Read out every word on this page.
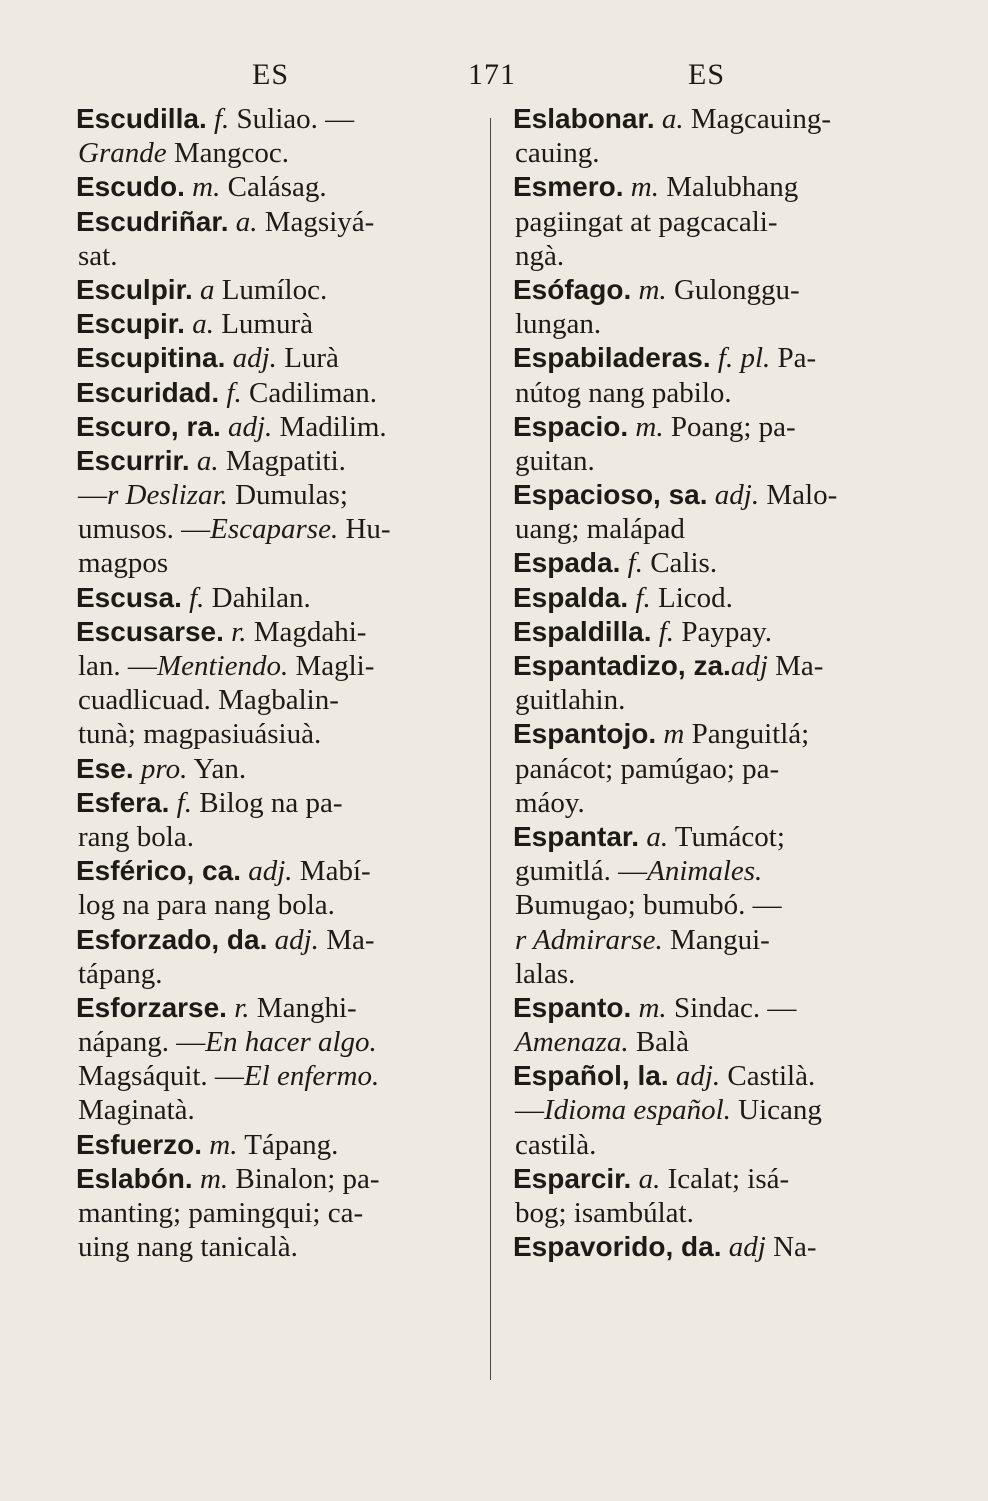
ES	171	ES
Escudilla. f. Suliao. —
Grande Mangcoc.
Escudo. m. Calásag.
Escudriñar. a. Magsiyá-
sat.
Esculpir. a Lumíloc.
Escupir. a. Lumurà
Escupitina. adj. Lurà
Escuridad. f. Cadiliman.
Escuro, ra. adj. Madilim.
Escurrir. a. Magpatiti.
—r Deslizar. Dumulas;
umusos. —Escaparse. Hu-
magpos
Escusa. f. Dahilan.
Escusarse. r. Magdahi-
lan. —Mentiendo. Magli-
cuadlicuad. Magbalin-
tunà; magpasiuásiuà.
Ese. pro. Yan.
Esfera. f. Bilog na pa-
rang bola.
Esférico, ca. adj. Mabí-
log na para nang bola.
Esforzado, da. adj. Ma-
tápang.
Esforzarse. r. Manghi-
nápang. —En hacer algo.
Magsáquit. —El enfermo.
Maginatà.
Esfuerzo. m. Tápang.
Eslabón. m. Binalon; pa-
manting; pamingqui; ca-
uing nang tanicalà.
Eslabonar. a. Magcauing-
cauing.
Esmero. m. Malubhang
pagiingat at pagcacali-
ngà.
Esófago. m. Gulonggu-
lungan.
Espabiladeras. f. pl. Pa-
nútog nang pabilo.
Espacio. m. Poang; pa-
guitan.
Espacioso, sa. adj. Malo-
uang; malápad
Espada. f. Calis.
Espalda. f. Licod.
Espaldilla. f. Paypay.
Espantadizo, za.adj Ma-
guitlahin.
Espantojo. m Panguitlá;
panácot; pamúgao; pa-
máoy.
Espantar. a. Tumácot;
gumitlá. —Animales.
Bumugao; bumubó. —
r Admirarse. Mangui-
lalas.
Espanto. m. Sindac. —
Amenaza. Balà
Español, la. adj. Castilà.
—Idioma español. Uicang
castilà.
Esparcir. a. Icalat; isá-
bog; isambúlat.
Espavorido, da. adj Na-
